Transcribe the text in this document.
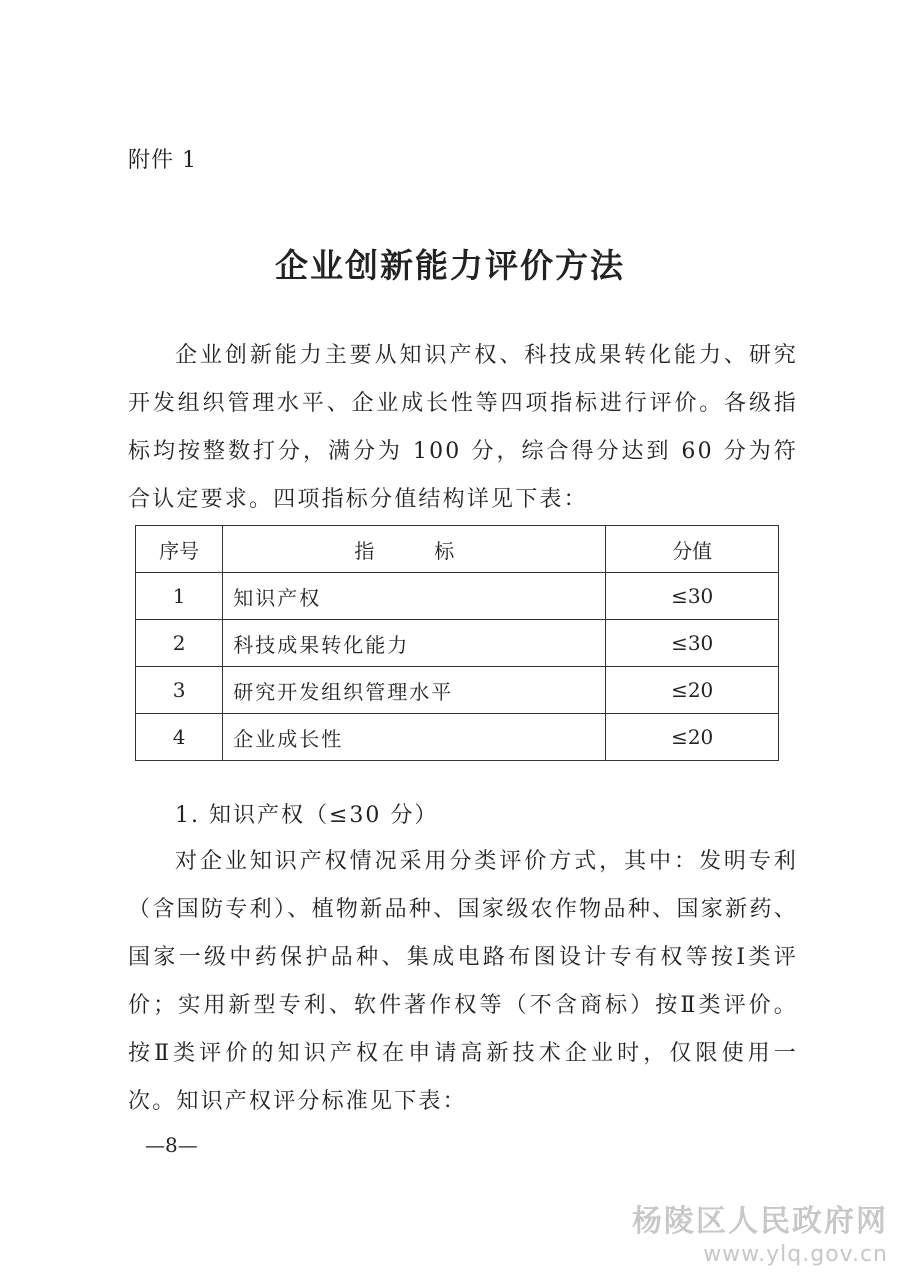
附件 1
企业创新能力评价方法

企业创新能力主要从知识产权、科技成果转化能力、研究开发组织管理水平、企业成长性等四项指标进行评价。各级指标均按整数打分，满分为 100 分，综合得分达到 60 分为符合认定要求。四项指标分值结构详见下表：

序号	指　标	分值
1	知识产权	≤30
2	科技成果转化能力	≤30
3	研究开发组织管理水平	≤20
4	企业成长性	≤20

1. 知识产权（≤30 分）

对企业知识产权情况采用分类评价方式，其中：发明专利（含国防专利）、植物新品种、国家级农作物品种、国家新药、国家一级中药保护品种、集成电路布图设计专有权等按Ⅰ类评价；实用新型专利、软件著作权等（不含商标）按Ⅱ类评价。按Ⅱ类评价的知识产权在申请高新技术企业时，仅限使用一次。知识产权评分标准见下表：

—8—
杨陵区人民政府网
www.ylq.gov.cn
